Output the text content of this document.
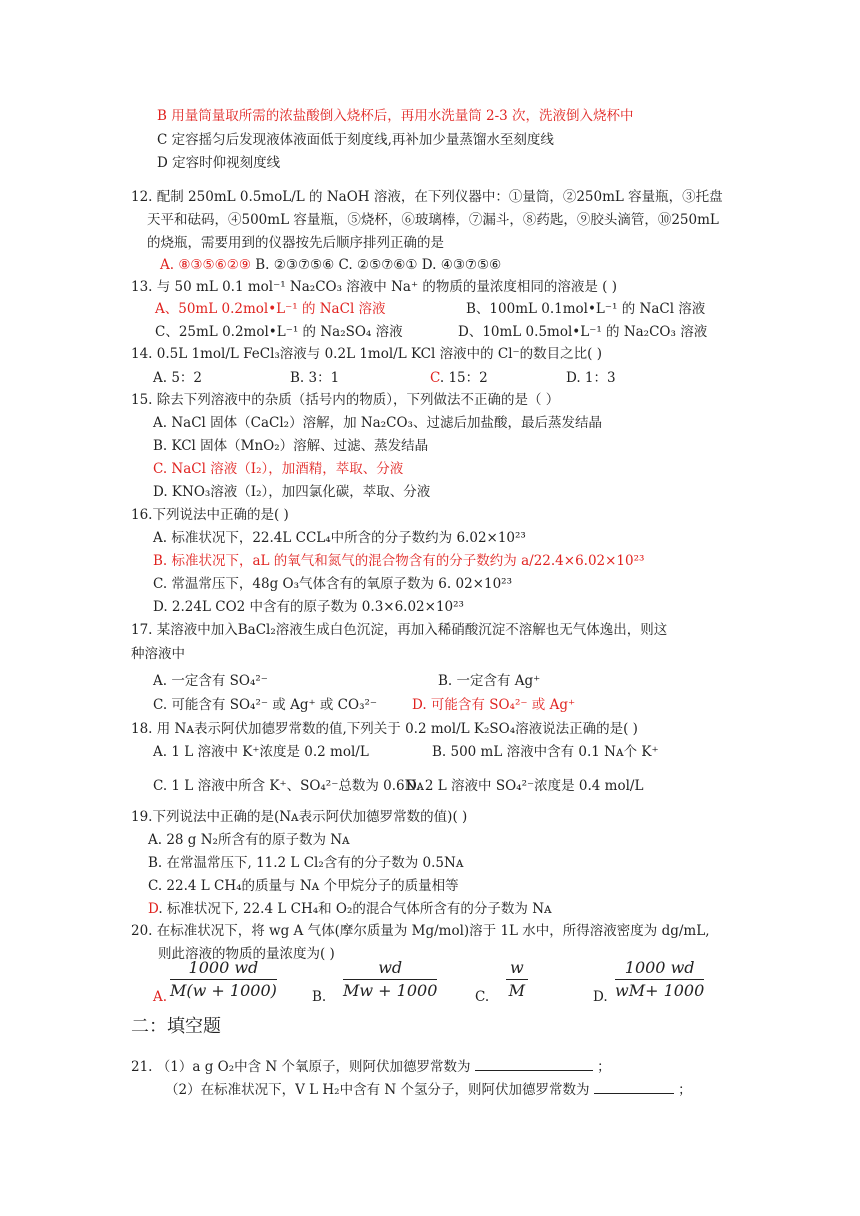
B 用量筒量取所需的浓盐酸倒入烧杯后，再用水洗量筒 2-3 次，洗液倒入烧杯中
C 定容摇匀后发现液体液面低于刻度线,再补加少量蒸馏水至刻度线
D 定容时仰视刻度线
12. 配制 250mL 0.5moL/L 的 NaOH 溶液，在下列仪器中：①量筒，②250mL 容量瓶，③托盘
天平和砝码，④500mL 容量瓶，⑤烧杯，⑥玻璃棒，⑦漏斗，⑧药匙，⑨胶头滴管，⑩250mL
的烧瓶，需要用到的仪器按先后顺序排列正确的是
A. ⑧③⑤⑥②⑨ B. ②③⑦⑤⑥ C. ②⑤⑦⑥① D. ④③⑦⑤⑥
13. 与 50 mL 0.1 mol⁻¹ Na₂CO₃ 溶液中 Na⁺ 的物质的量浓度相同的溶液是 ( )
A、50mL 0.2mol•L⁻¹ 的 NaCl 溶液	B、100mL 0.1mol•L⁻¹ 的 NaCl 溶液
C、25mL 0.2mol•L⁻¹ 的 Na₂SO₄ 溶液	D、10mL 0.5mol•L⁻¹ 的 Na₂CO₃ 溶液
14. 0.5L 1mol/L FeCl₃溶液与 0.2L 1mol/L KCl 溶液中的 Cl⁻的数目之比( )
A. 5：2	B. 3：1	C. 15：2	D. 1：3
15. 除去下列溶液中的杂质（括号内的物质），下列做法不正确的是（ ）
A. NaCl 固体（CaCl₂）溶解，加 Na₂CO₃、过滤后加盐酸，最后蒸发结晶
B. KCl 固体（MnO₂）溶解、过滤、蒸发结晶
C. NaCl 溶液（I₂），加酒精，萃取、分液
D. KNO₃溶液（I₂），加四氯化碳，萃取、分液
16.下列说法中正确的是( )
A. 标准状况下，22.4L CCL₄中所含的分子数约为 6.02×10²³
B. 标准状况下，aL 的氧气和氮气的混合物含有的分子数约为 a/22.4×6.02×10²³
C. 常温常压下，48g O₃气体含有的氧原子数为 6. 02×10²³
D. 2.24L CO2 中含有的原子数为 0.3×6.02×10²³
17. 某溶液中加入BaCl₂溶液生成白色沉淀，再加入稀硝酸沉淀不溶解也无气体逸出，则这
种溶液中
A. 一定含有 SO₄²⁻	B. 一定含有 Ag⁺
C. 可能含有 SO₄²⁻ 或 Ag⁺ 或 CO₃²⁻	D. 可能含有 SO₄²⁻ 或 Ag⁺
18. 用 Nᴀ表示阿伏加德罗常数的值,下列关于 0.2 mol/L K₂SO₄溶液说法正确的是( )
A. 1 L 溶液中 K⁺浓度是 0.2 mol/L	B. 500 mL 溶液中含有 0.1 Nᴀ个 K⁺
C. 1 L 溶液中所含 K⁺、SO₄²⁻总数为 0.6Nᴀ
D. 2 L 溶液中 SO₄²⁻浓度是 0.4 mol/L
19.下列说法中正确的是(Nᴀ表示阿伏加德罗常数的值)( )
A. 28 g N₂所含有的原子数为 Nᴀ
B. 在常温常压下, 11.2 L Cl₂含有的分子数为 0.5Nᴀ
C. 22.4 L CH₄的质量与 Nᴀ 个甲烷分子的质量相等
D. 标准状况下, 22.4 L CH₄和 O₂的混合气体所含有的分子数为 Nᴀ
20. 在标准状况下，将 wg A 气体(摩尔质量为 Mg/mol)溶于 1L 水中，所得溶液密度为 dg/mL,
则此溶液的物质的量浓度为( )
A.
1000 wd
M(w + 1000)	B.
wd
Mw + 1000	C.
w
M	D.
1000 wd
wM+ 1000
二：填空题
21. （1）a g O₂中含 N 个氧原子，则阿伏加德罗常数为	；
（2）在标准状况下，V L H₂中含有 N 个氢分子，则阿伏加德罗常数为	；
